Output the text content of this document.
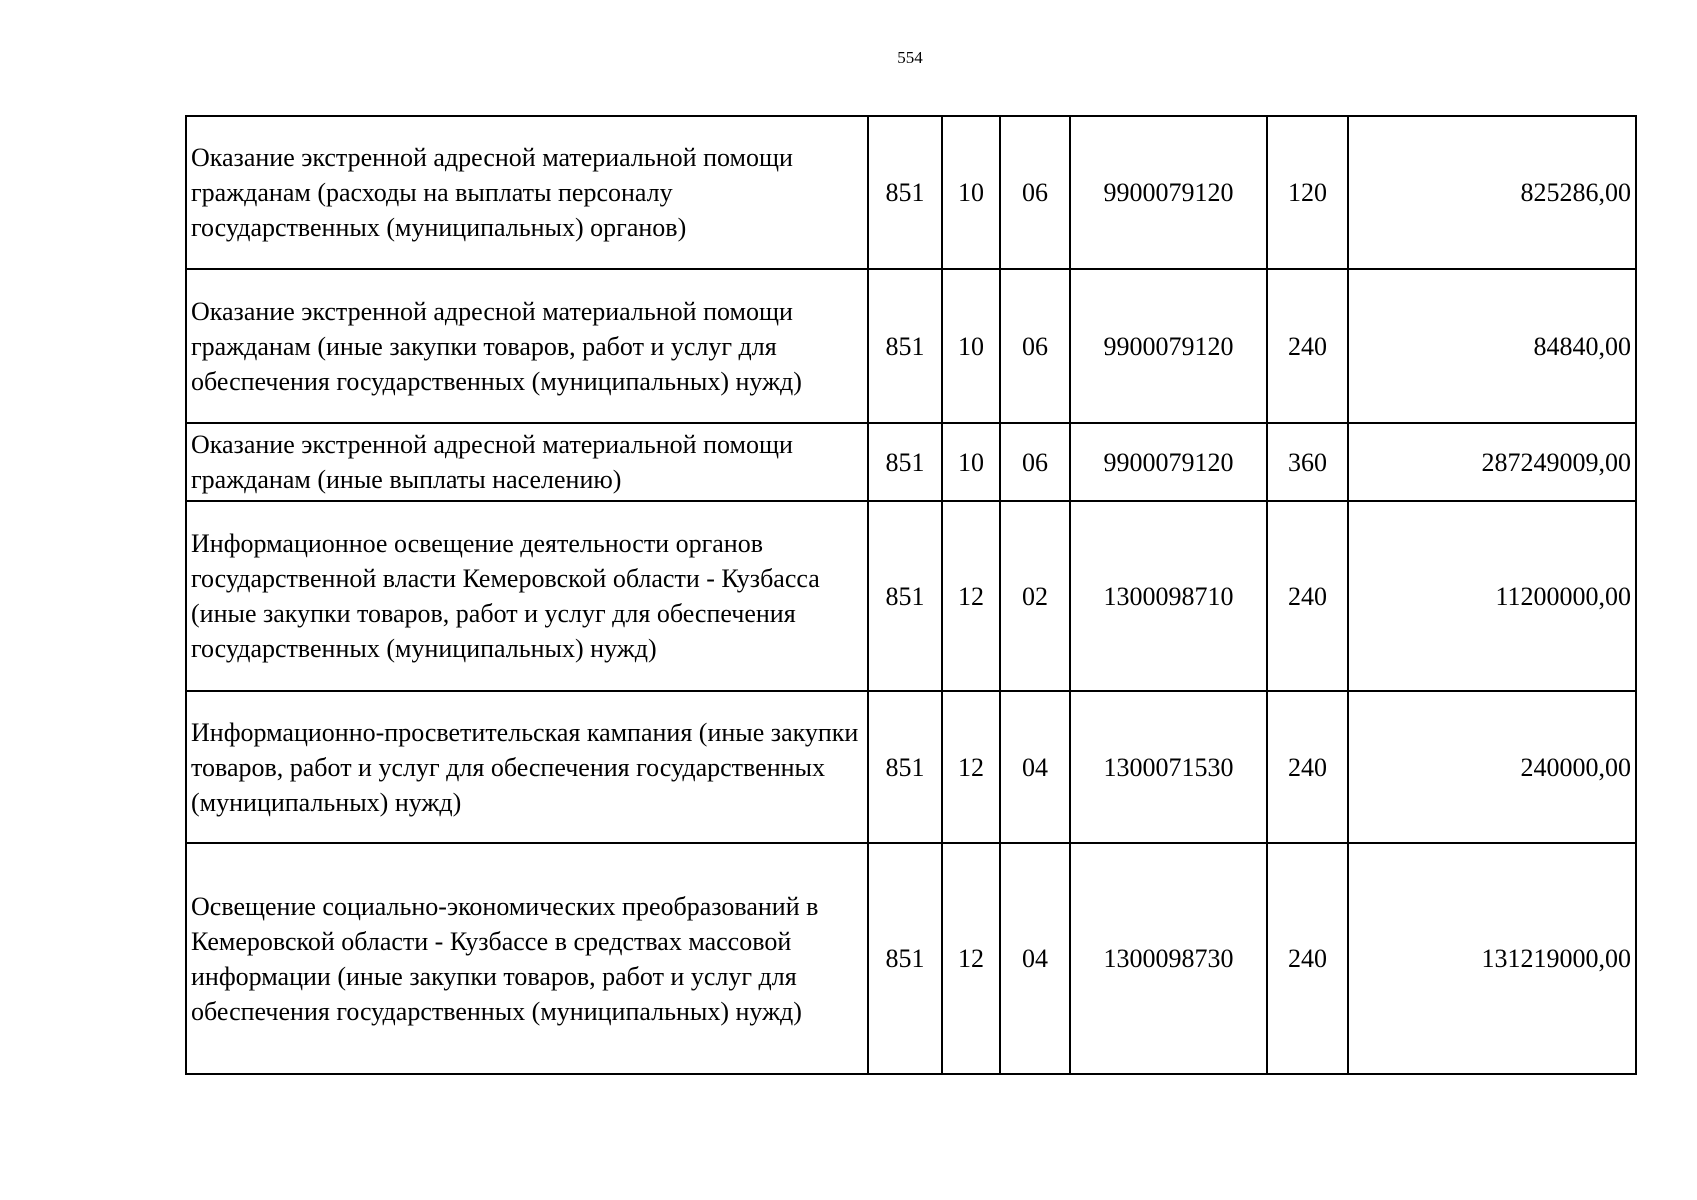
554
Оказание экстренной адресной материальной помощи гражданам (расходы на выплаты персоналу государственных (муниципальных) органов)	851	10	06	9900079120	120	825286,00
Оказание экстренной адресной материальной помощи гражданам (иные закупки товаров, работ и услуг для обеспечения государственных (муниципальных) нужд)	851	10	06	9900079120	240	84840,00
Оказание экстренной адресной материальной помощи гражданам (иные выплаты населению)	851	10	06	9900079120	360	287249009,00
Информационное освещение деятельности органов государственной власти Кемеровской области - Кузбасса (иные закупки товаров, работ и услуг для обеспечения государственных (муниципальных) нужд)	851	12	02	1300098710	240	11200000,00
Информационно-просветительская кампания (иные закупки товаров, работ и услуг для обеспечения государственных (муниципальных) нужд)	851	12	04	1300071530	240	240000,00
Освещение социально-экономических преобразований в Кемеровской области - Кузбассе в средствах массовой информации (иные закупки товаров, работ и услуг для обеспечения государственных (муниципальных) нужд)	851	12	04	1300098730	240	131219000,00
